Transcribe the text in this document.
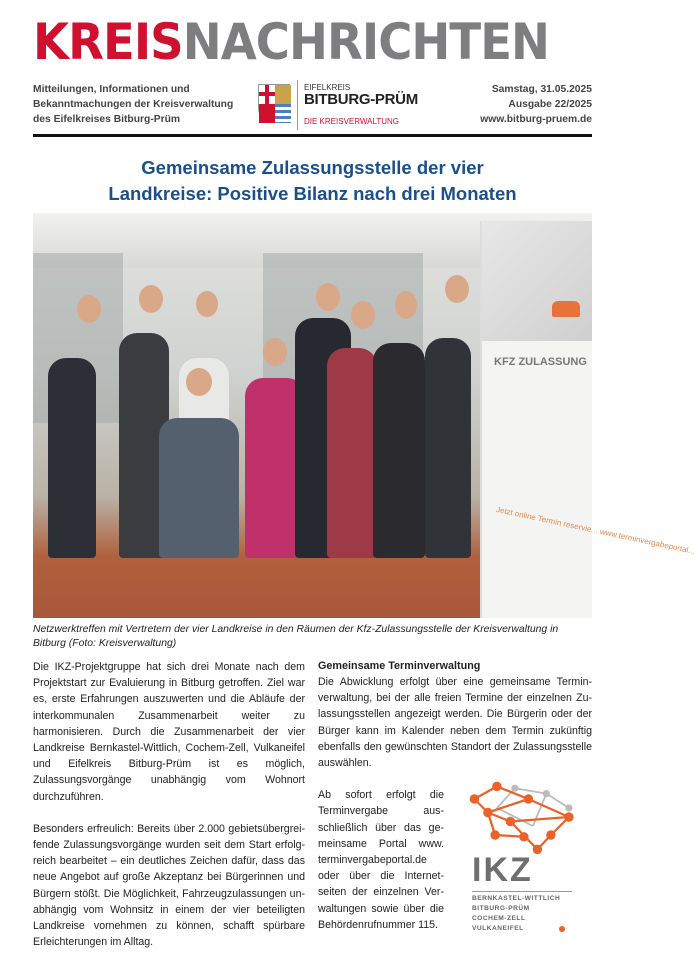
KREISNACHRICHTEN
Mitteilungen, Informationen und
Bekanntmachungen der Kreisverwaltung
des Eifelkreises Bitburg-Prüm
EIFELKREIS
BITBURG-PRÜM
DIE KREISVERWALTUNG
Samstag, 31.05.2025
Ausgabe 22/2025
www.bitburg-pruem.de
Gemeinsame Zulassungsstelle der vier
Landkreise: Positive Bilanz nach drei Monaten
KFZ ZULASSUNG
Jetzt online Termin reservie... www.terminvergabeportal...
Netzwerktreffen mit Vertretern der vier Landkreise in den Räumen der Kfz-Zulassungsstelle der Kreisverwaltung in Bitburg (Foto: Kreisverwaltung)

Die IKZ-Projektgruppe hat sich drei Monate nach dem Projektstart zur Evaluierung in Bitburg getroffen. Ziel war es, erste Erfahrungen auszuwerten und die Abläufe der interkommunalen Zusammenarbeit weiter zu harmonisieren. Durch die Zusammenarbeit der vier Landkreise Bernkastel-Wittlich, Cochem-Zell, Vulkaneifel und Eifelkreis Bitburg-Prüm ist es möglich, Zulassungsvorgänge unabhängig vom Wohnort durchzuführen.

Besonders erfreulich: Bereits über 2.000 gebietsübergreifende Zulassungsvorgänge wurden seit dem Start erfolgreich bearbeitet – ein deutliches Zeichen dafür, dass das neue Angebot auf große Akzeptanz bei Bürgerinnen und Bürgern stößt. Die Möglichkeit, Fahrzeugzulassungen unabhängig vom Wohnsitz in einem der vier beteiligten Landkreise vornehmen zu können, schafft spürbare Erleichterungen im Alltag.

Gemeinsame Terminverwaltung

Die Abwicklung erfolgt über eine gemeinsame Terminverwaltung, bei der alle freien Termine der einzelnen Zulassungsstellen angezeigt werden. Die Bürgerin oder der Bürger kann im Kalender neben dem Termin zukünftig ebenfalls den gewünschten Standort der Zulassungsstelle auswählen.

IKZ
BERNKASTEL-WITTLICH
BITBURG-PRÜM
COCHEM-ZELL
VULKANEIFEL

Ab sofort erfolgt die Terminvergabe ausschließlich über das gemeinsame Portal www. terminvergabeportal.de oder über die Internetseiten der einzelnen Verwaltungen sowie über die Behördenrufnummer 115.
